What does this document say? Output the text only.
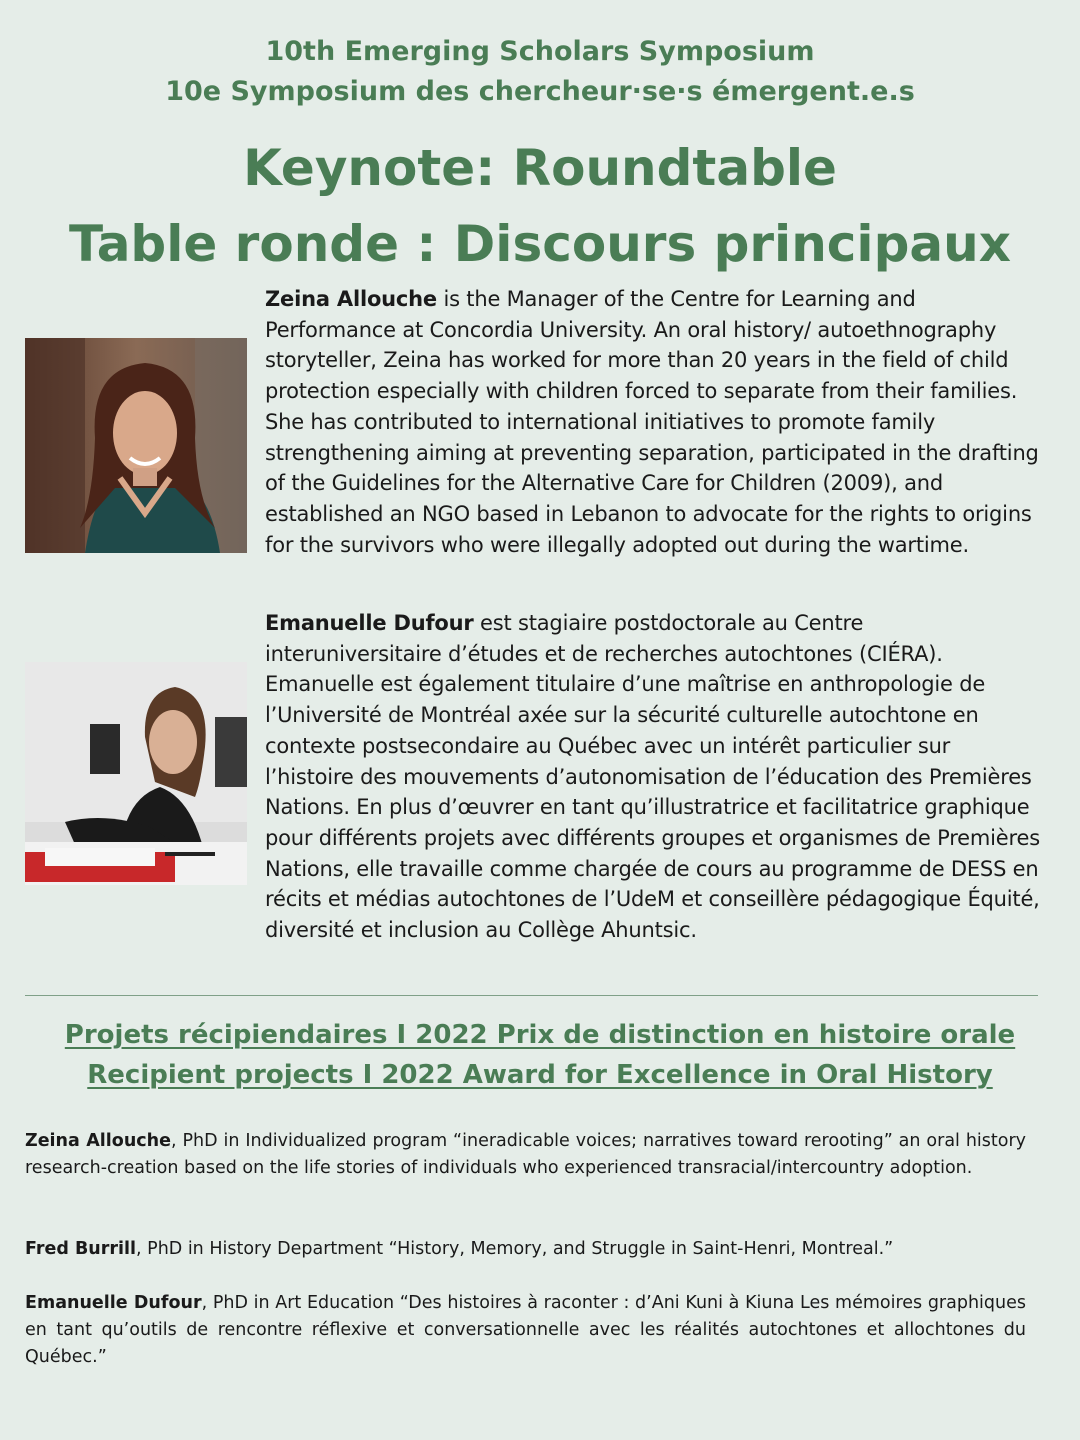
10th Emerging Scholars Symposium

10e Symposium des chercheur·se·s émergent.e.s

Keynote: Roundtable

Table ronde : Discours principaux

Zeina Allouche is the Manager of the Centre for Learning and Performance at Concordia University. An oral history/ autoethnography storyteller, Zeina has worked for more than 20 years in the field of child protection especially with children forced to separate from their families. She has contributed to international initiatives to promote family strengthening aiming at preventing separation, participated in the drafting of the Guidelines for the Alternative Care for Children (2009), and established an NGO based in Lebanon to advocate for the rights to origins for the survivors who were illegally adopted out during the wartime.

Emanuelle Dufour est stagiaire postdoctorale au Centre interuniversitaire d’études et de recherches autochtones (CIÉRA). Emanuelle est également titulaire d’une maîtrise en anthropologie de l’Université de Montréal axée sur la sécurité culturelle autochtone en contexte postsecondaire au Québec avec un intérêt particulier sur l’histoire des mouvements d’autonomisation de l’éducation des Premières Nations. En plus d’œuvrer en tant qu’illustratrice et facilitatrice graphique pour différents projets avec différents groupes et organismes de Premières Nations, elle travaille comme chargée de cours au programme de DESS en récits et médias autochtones de l’UdeM et conseillère pédagogique Équité, diversité et inclusion au Collège Ahuntsic.

Projets récipiendaires I 2022 Prix de distinction en histoire orale
Recipient projects I 2022 Award for Excellence in Oral History

Zeina Allouche, PhD in Individualized program “ineradicable voices; narratives toward rerooting” an oral history research-creation based on the life stories of individuals who experienced transracial/intercountry adoption.

Fred Burrill, PhD in History Department “History, Memory, and Struggle in Saint-Henri, Montreal.”

Emanuelle Dufour, PhD in Art Education “Des histoires à raconter : d’Ani Kuni à Kiuna Les mémoires graphiques en tant qu’outils de rencontre réflexive et conversationnelle avec les réalités autochtones et allochtones du Québec.”
